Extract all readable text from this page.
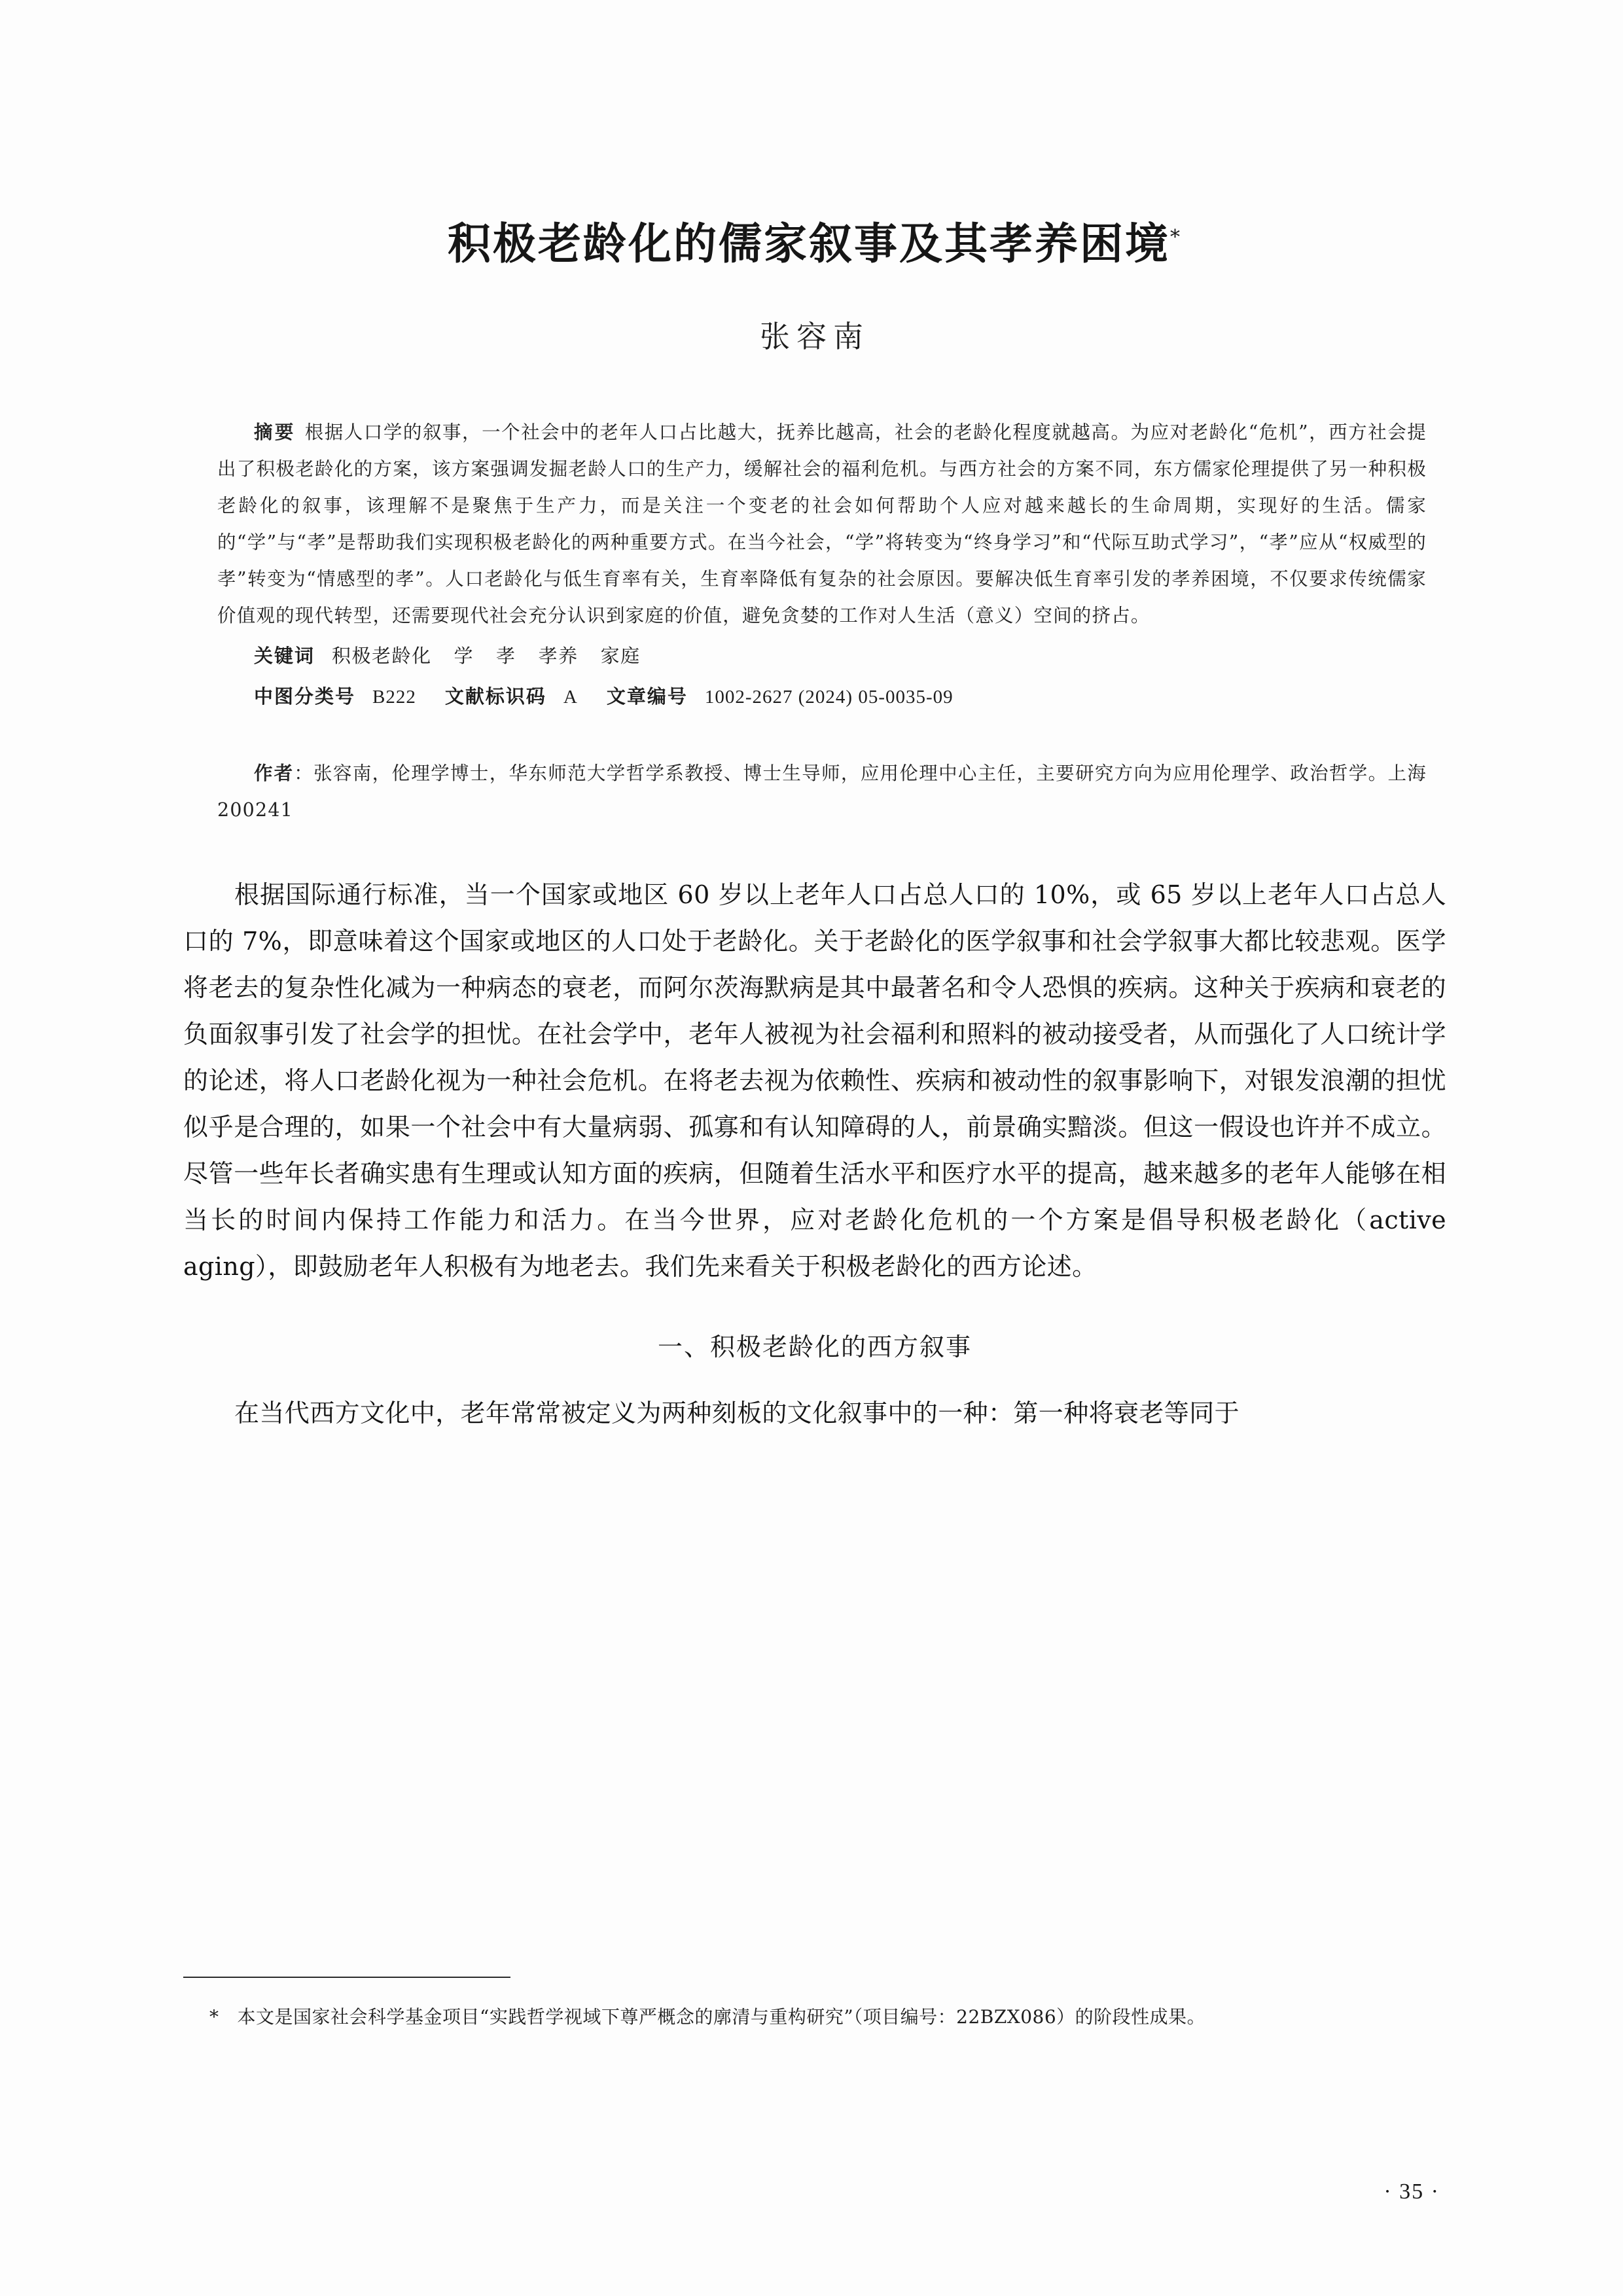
积极老龄化的儒家叙事及其孝养困境*
张容南
摘要 根据人口学的叙事，一个社会中的老年人口占比越大，抚养比越高，社会的老龄化程度就越高。为应对老龄化“危机”，西方社会提出了积极老龄化的方案，该方案强调发掘老龄人口的生产力，缓解社会的福利危机。与西方社会的方案不同，东方儒家伦理提供了另一种积极老龄化的叙事，该理解不是聚焦于生产力，而是关注一个变老的社会如何帮助个人应对越来越长的生命周期，实现好的生活。儒家的“学”与“孝”是帮助我们实现积极老龄化的两种重要方式。在当今社会，“学”将转变为“终身学习”和“代际互助式学习”，“孝”应从“权威型的孝”转变为“情感型的孝”。人口老龄化与低生育率有关，生育率降低有复杂的社会原因。要解决低生育率引发的孝养困境，不仅要求传统儒家价值观的现代转型，还需要现代社会充分认识到家庭的价值，避免贪婪的工作对人生活（意义）空间的挤占。
关键词 积极老龄化 学 孝 孝养 家庭
中图分类号 B222 文献标识码 A 文章编号 1002-2627 (2024) 05-0035-09
作者：张容南，伦理学博士，华东师范大学哲学系教授、博士生导师，应用伦理中心主任，主要研究方向为应用伦理学、政治哲学。上海　200241

根据国际通行标准，当一个国家或地区 60 岁以上老年人口占总人口的 10%，或 65 岁以上老年人口占总人口的 7%，即意味着这个国家或地区的人口处于老龄化。关于老龄化的医学叙事和社会学叙事大都比较悲观。医学将老去的复杂性化减为一种病态的衰老，而阿尔茨海默病是其中最著名和令人恐惧的疾病。这种关于疾病和衰老的负面叙事引发了社会学的担忧。在社会学中，老年人被视为社会福利和照料的被动接受者，从而强化了人口统计学的论述，将人口老龄化视为一种社会危机。在将老去视为依赖性、疾病和被动性的叙事影响下，对银发浪潮的担忧似乎是合理的，如果一个社会中有大量病弱、孤寡和有认知障碍的人，前景确实黯淡。但这一假设也许并不成立。尽管一些年长者确实患有生理或认知方面的疾病，但随着生活水平和医疗水平的提高，越来越多的老年人能够在相当长的时间内保持工作能力和活力。在当今世界，应对老龄化危机的一个方案是倡导积极老龄化（active aging），即鼓励老年人积极有为地老去。我们先来看关于积极老龄化的西方论述。

一、积极老龄化的西方叙事

在当代西方文化中，老年常常被定义为两种刻板的文化叙事中的一种：第一种将衰老等同于

* 本文是国家社会科学基金项目“实践哲学视域下尊严概念的廓清与重构研究”（项目编号：22BZX086）的阶段性成果。
· 35 ·
